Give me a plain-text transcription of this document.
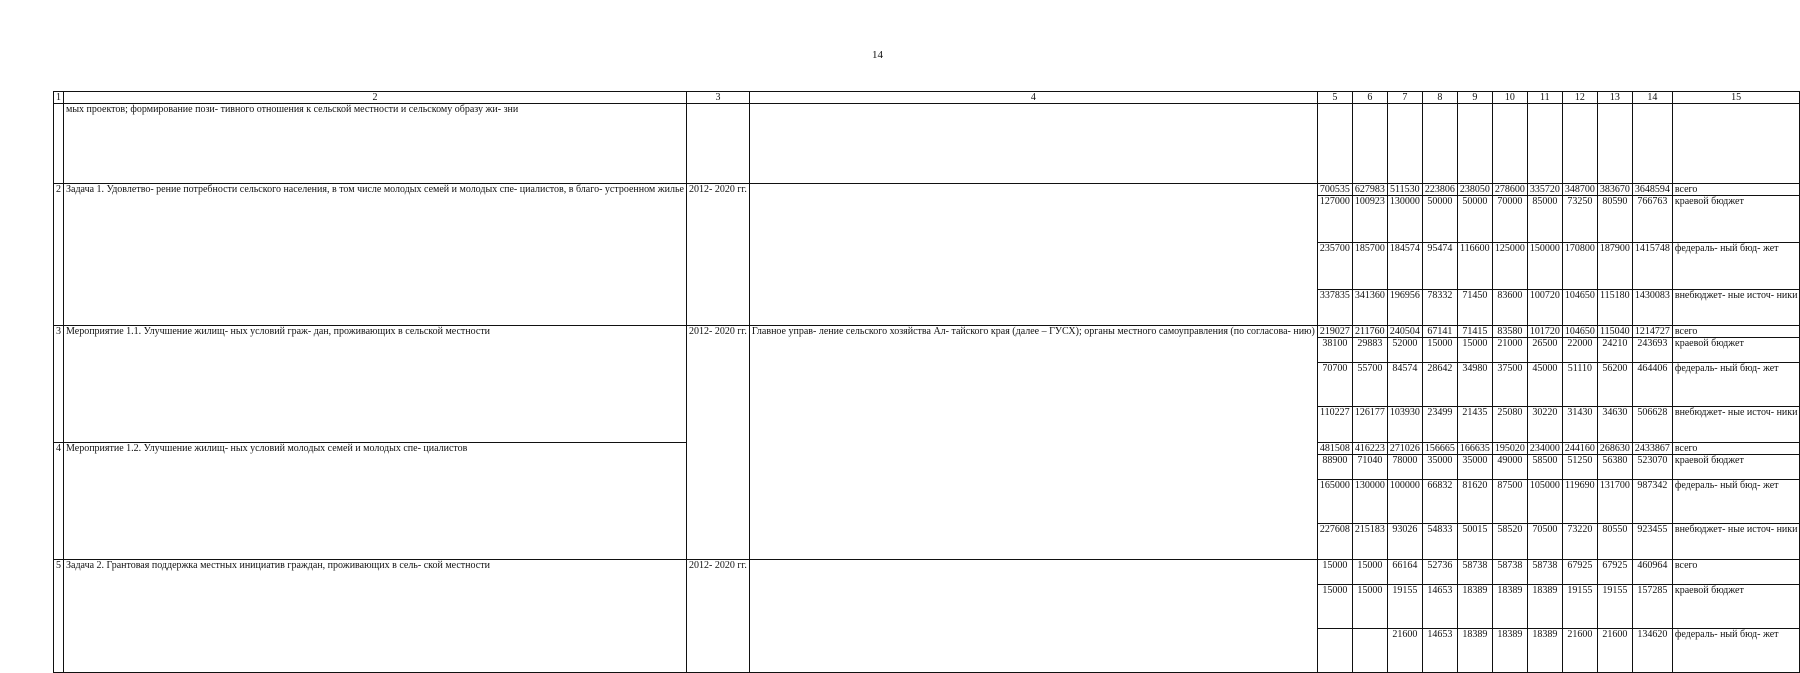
14
1	2	3	4	5	6	7	8	9	10	11	12	13	14	15
	мых проектов; формирование пози- тивного отношения к сельской местности и сельскому образу жи- зни													
2	Задача 1. Удовлетво- рение потребности сельского населения, в том числе молодых семей и молодых спе- циалистов, в благо- устроенном жилье	2012- 2020 гг.		700535	627983	511530	223806	238050	278600	335720	348700	383670	3648594	всего
				127000	100923	130000	50000	50000	70000	85000	73250	80590	766763	краевой бюджет
				235700	185700	184574	95474	116600	125000	150000	170800	187900	1415748	федераль- ный бюд- жет
				337835	341360	196956	78332	71450	83600	100720	104650	115180	1430083	внебюджет- ные источ- ники
3	Мероприятие 1.1. Улучшение жилищ- ных условий граж- дан, проживающих в сельской местности	2012- 2020 гг.	Главное управ- ление сельского хозяйства Ал- тайского края (далее – ГУСХ); органы местного самоуправления (по согласова- нию)	219027	211760	240504	67141	71415	83580	101720	104650	115040	1214727	всего
				38100	29883	52000	15000	15000	21000	26500	22000	24210	243693	краевой бюджет
				70700	55700	84574	28642	34980	37500	45000	51110	56200	464406	федераль- ный бюд- жет
				110227	126177	103930	23499	21435	25080	30220	31430	34630	506628	внебюджет- ные источ- ники
4	Мероприятие 1.2. Улучшение жилищ- ных условий молодых семей и молодых спе- циалистов			481508	416223	271026	156665	166635	195020	234000	244160	268630	2433867	всего
				88900	71040	78000	35000	35000	49000	58500	51250	56380	523070	краевой бюджет
				165000	130000	100000	66832	81620	87500	105000	119690	131700	987342	федераль- ный бюд- жет
				227608	215183	93026	54833	50015	58520	70500	73220	80550	923455	внебюджет- ные источ- ники
5	Задача 2. Грантовая поддержка местных инициатив граждан, проживающих в сель- ской местности	2012- 2020 гг.		15000	15000	66164	52736	58738	58738	58738	67925	67925	460964	всего
				15000	15000	19155	14653	18389	18389	18389	19155	19155	157285	краевой бюджет
						21600	14653	18389	18389	18389	21600	21600	134620	федераль- ный бюд- жет
